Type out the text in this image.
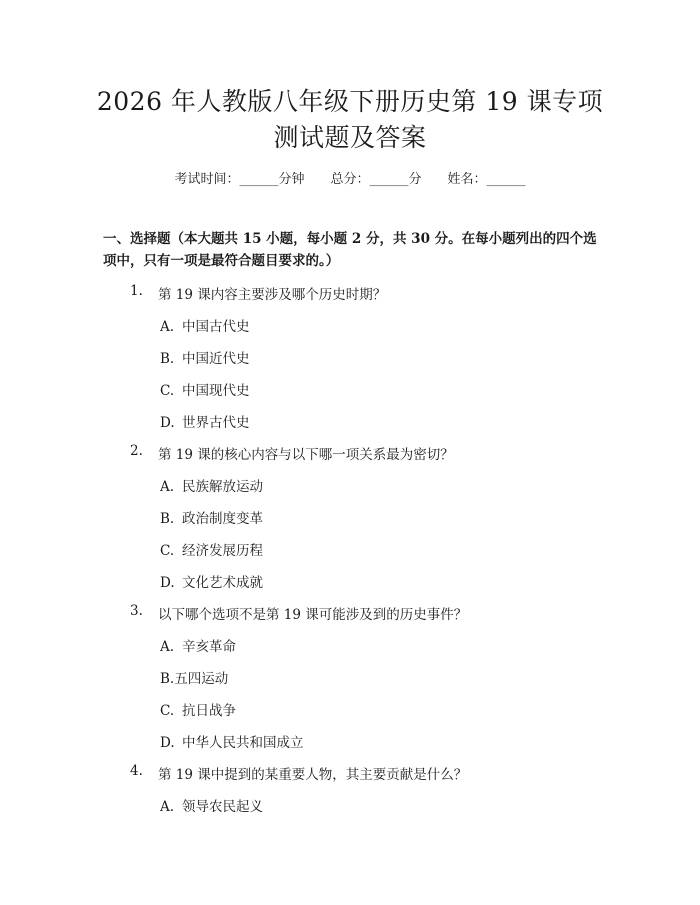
2026 年人教版八年级下册历史第 19 课专项
测试题及答案
考试时间：______分钟 总分：______分 姓名：______
一、选择题（本大题共 15 小题，每小题 2 分，共 30 分。在每小题列出的四个选
项中，只有一项是最符合题目要求的。）
1. 第 19 课内容主要涉及哪个历史时期？
A. 中国古代史
B. 中国近代史
C. 中国现代史
D. 世界古代史
2. 第 19 课的核心内容与以下哪一项关系最为密切？
A. 民族解放运动
B. 政治制度变革
C. 经济发展历程
D. 文化艺术成就
3. 以下哪个选项不是第 19 课可能涉及到的历史事件？
A. 辛亥革命
B.五四运动
C. 抗日战争
D. 中华人民共和国成立
4. 第 19 课中提到的某重要人物，其主要贡献是什么？
A. 领导农民起义
